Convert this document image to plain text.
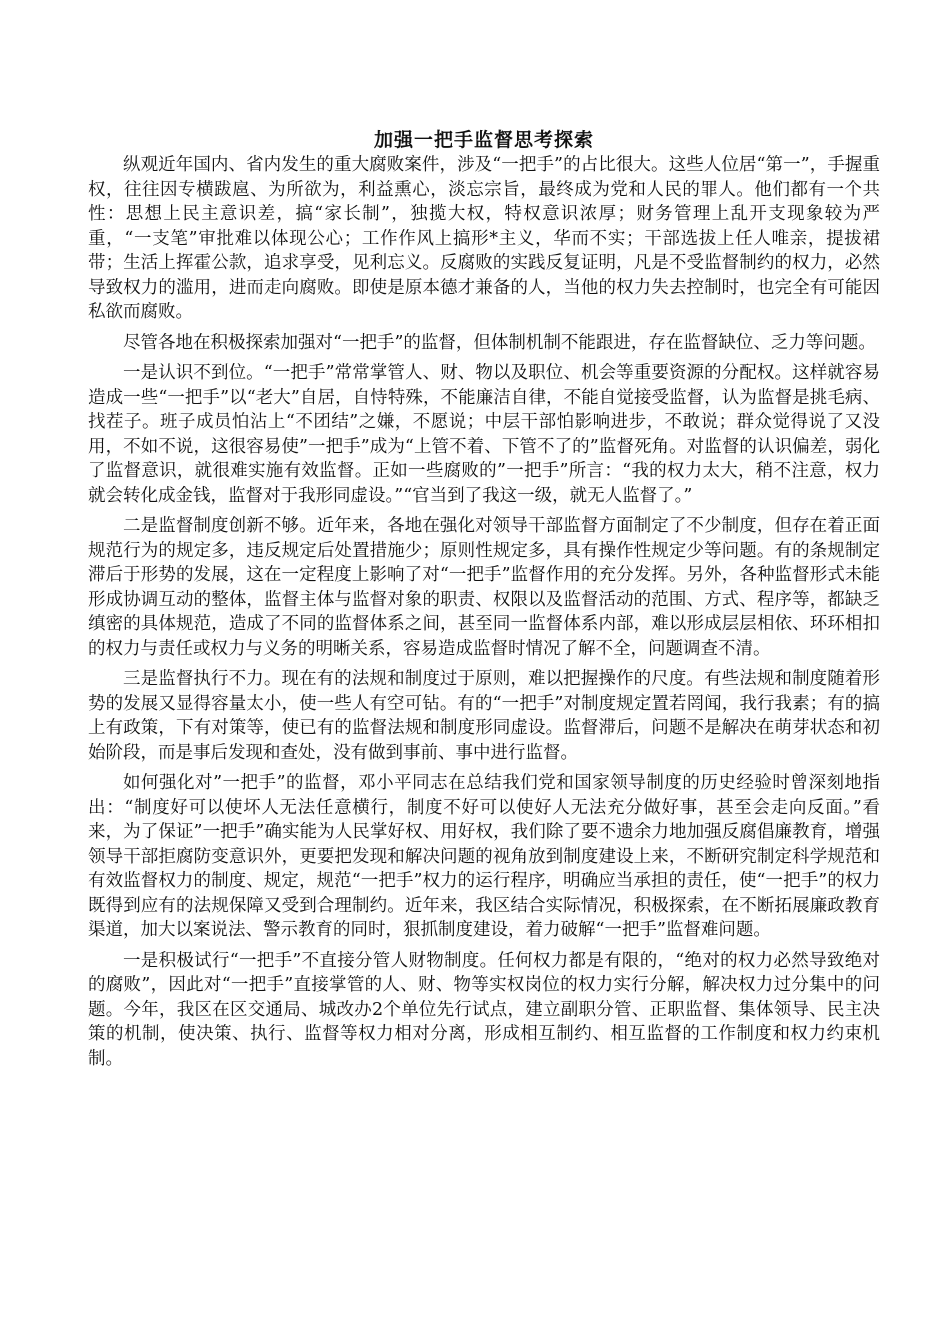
加强一把手监督思考探索

纵观近年国内、省内发生的重大腐败案件，涉及“一把手”的占比很大。这些人位居“第一”，手握重权，往往因专横跋扈、为所欲为，利益熏心，淡忘宗旨，最终成为党和人民的罪人。他们都有一个共性：思想上民主意识差，搞“家长制”，独揽大权，特权意识浓厚；财务管理上乱开支现象较为严重，“一支笔”审批难以体现公心；工作作风上搞形*主义，华而不实；干部选拔上任人唯亲，提拔裙带；生活上挥霍公款，追求享受，见利忘义。反腐败的实践反复证明，凡是不受监督制约的权力，必然导致权力的滥用，进而走向腐败。即使是原本德才兼备的人，当他的权力失去控制时，也完全有可能因私欲而腐败。

尽管各地在积极探索加强对“一把手”的监督，但体制机制不能跟进，存在监督缺位、乏力等问题。

一是认识不到位。“一把手”常常掌管人、财、物以及职位、机会等重要资源的分配权。这样就容易造成一些“一把手”以“老大”自居，自恃特殊，不能廉洁自律，不能自觉接受监督，认为监督是挑毛病、找茬子。班子成员怕沾上“不团结”之嫌，不愿说；中层干部怕影响进步，不敢说；群众觉得说了又没用，不如不说，这很容易使”一把手”成为“上管不着、下管不了的”监督死角。对监督的认识偏差，弱化了监督意识，就很难实施有效监督。正如一些腐败的”一把手”所言：“我的权力太大，稍不注意，权力就会转化成金钱，监督对于我形同虚设。”“官当到了我这一级，就无人监督了。”

二是监督制度创新不够。近年来，各地在强化对领导干部监督方面制定了不少制度，但存在着正面规范行为的规定多，违反规定后处置措施少；原则性规定多，具有操作性规定少等问题。有的条规制定滞后于形势的发展，这在一定程度上影响了对“一把手”监督作用的充分发挥。另外，各种监督形式未能形成协调互动的整体，监督主体与监督对象的职责、权限以及监督活动的范围、方式、程序等，都缺乏缜密的具体规范，造成了不同的监督体系之间，甚至同一监督体系内部，难以形成层层相依、环环相扣的权力与责任或权力与义务的明晰关系，容易造成监督时情况了解不全，问题调查不清。

三是监督执行不力。现在有的法规和制度过于原则，难以把握操作的尺度。有些法规和制度随着形势的发展又显得容量太小，使一些人有空可钻。有的“一把手”对制度规定置若罔闻，我行我素；有的搞上有政策，下有对策等，使已有的监督法规和制度形同虚设。监督滞后，问题不是解决在萌芽状态和初始阶段，而是事后发现和查处，没有做到事前、事中进行监督。

如何强化对”一把手”的监督，邓小平同志在总结我们党和国家领导制度的历史经验时曾深刻地指出：“制度好可以使坏人无法任意横行，制度不好可以使好人无法充分做好事，甚至会走向反面。”看来，为了保证”一把手”确实能为人民掌好权、用好权，我们除了要不遗余力地加强反腐倡廉教育，增强领导干部拒腐防变意识外，更要把发现和解决问题的视角放到制度建设上来，不断研究制定科学规范和有效监督权力的制度、规定，规范“一把手”权力的运行程序，明确应当承担的责任，使“一把手”的权力既得到应有的法规保障又受到合理制约。近年来，我区结合实际情况，积极探索，在不断拓展廉政教育渠道，加大以案说法、警示教育的同时，狠抓制度建设，着力破解“一把手”监督难问题。

一是积极试行“一把手”不直接分管人财物制度。任何权力都是有限的，“绝对的权力必然导致绝对的腐败”，因此对“一把手”直接掌管的人、财、物等实权岗位的权力实行分解，解决权力过分集中的问题。今年，我区在区交通局、城改办2个单位先行试点，建立副职分管、正职监督、集体领导、民主决策的机制，使决策、执行、监督等权力相对分离，形成相互制约、相互监督的工作制度和权力约束机制。
